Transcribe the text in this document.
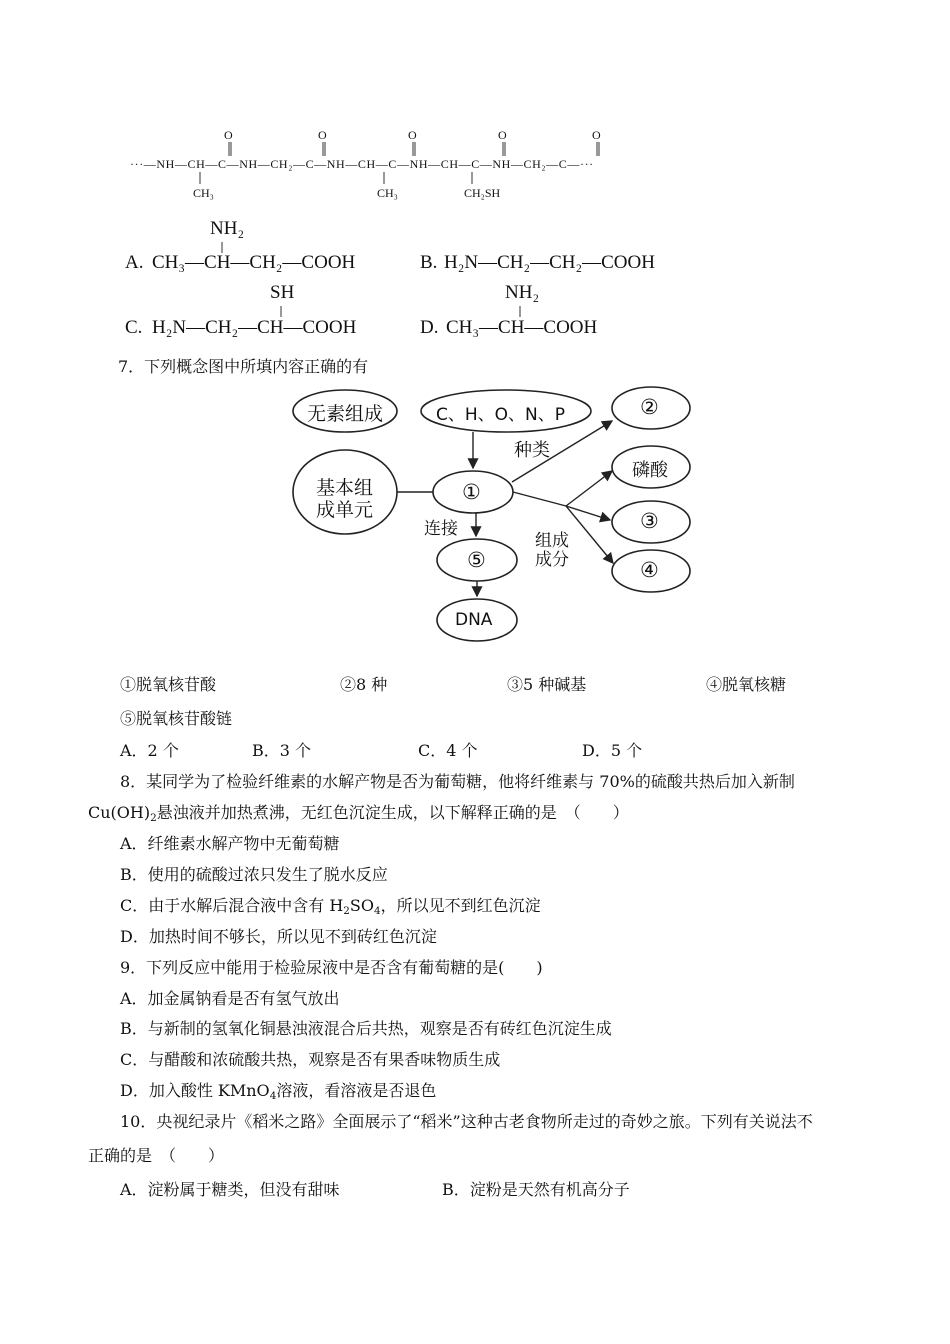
O	O	O	O	O
···—NH—CH—C—NH—CH₂—C—NH—CH—C—NH—CH—C—NH—CH₂—C—···
CH₃	CH₃	CH₂SH
NH₂
A. CH₃—CH—CH₂—COOH	B. H₂N—CH₂—CH₂—COOH
SH
C. H₂N—CH₂—CH—COOH
NH₂
D. CH₃—CH—COOH
7．下列概念图中所填内容正确的有
无素组成	C、H、O、N、P	②
种类
基本组
成单元
①
磷酸
连接	③
组成
成分
⑤	④
DNA
①脱氧核苷酸	②8 种	③5 种碱基	④脱氧核糖
⑤脱氧核苷酸链
A．2 个	B．3 个	C．4 个	D．5 个
8．某同学为了检验纤维素的水解产物是否为葡萄糖，他将纤维素与 70%的硫酸共热后加入新制
$Cu(OH)_2$悬浊液并加热煮沸，无红色沉淀生成，以下解释正确的是　（　　）
A．纤维素水解产物中无葡萄糖
B．使用的硫酸过浓只发生了脱水反应
C．由于水解后混合液中含有 $H_2SO_4$，所以见不到红色沉淀
D．加热时间不够长，所以见不到砖红色沉淀
9．下列反应中能用于检验尿液中是否含有葡萄糖的是(　　)
A．加金属钠看是否有氢气放出
B．与新制的氢氧化铜悬浊液混合后共热，观察是否有砖红色沉淀生成
C．与醋酸和浓硫酸共热，观察是否有果香味物质生成
D．加入酸性 KMnO$_4$溶液，看溶液是否退色
10．央视纪录片《稻米之路》全面展示了“稻米”这种古老食物所走过的奇妙之旅。下列有关说法不
正确的是　（　　）
A．淀粉属于糖类，但没有甜味	B．淀粉是天然有机高分子
